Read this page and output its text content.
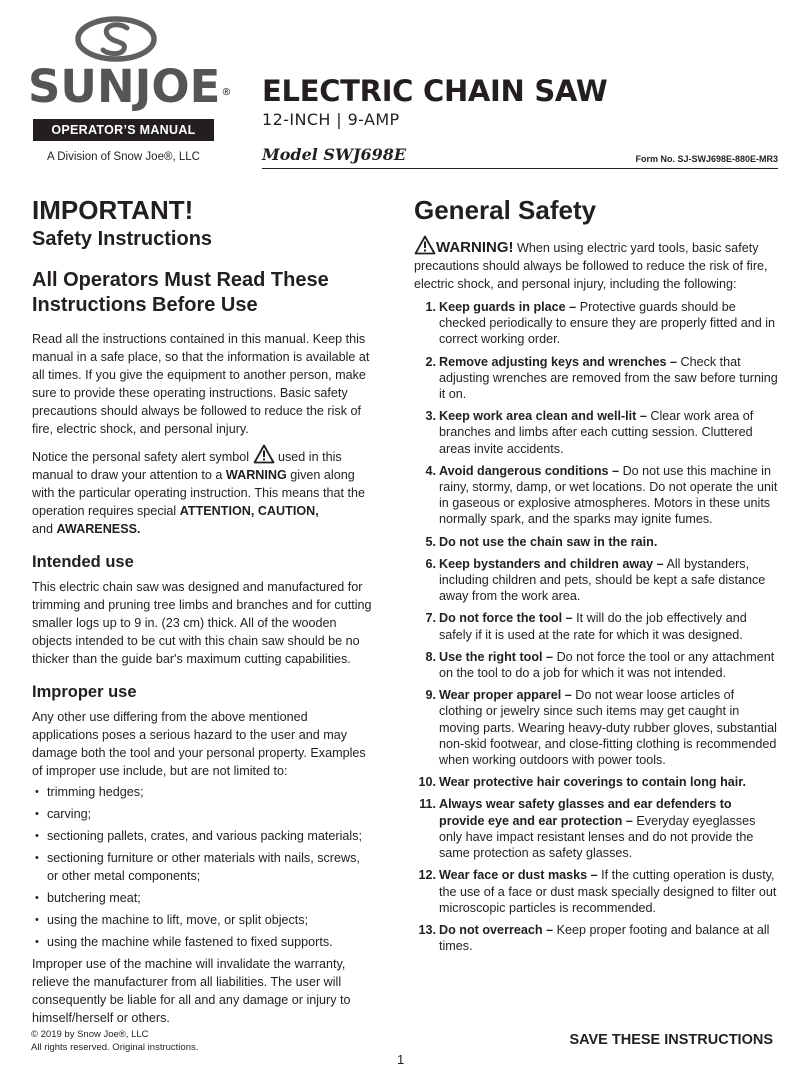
SUNJOE®
OPERATOR’S MANUAL
A Division of Snow Joe®, LLC
ELECTRIC CHAIN SAW
12-INCH | 9-AMP
Model SWJ698E	Form No. SJ-SWJ698E-880E-MR3
IMPORTANT!
Safety Instructions
All Operators Must Read These Instructions Before Use

Read all the instructions contained in this manual. Keep this manual in a safe place, so that the information is available at all times. If you give the equipment to another person, make sure to provide these operating instructions. Basic safety precautions should always be followed to reduce the risk of fire, electric shock, and personal injury.

Notice the personal safety alert symbol used in this manual to draw your attention to a WARNING given along with the particular operating instruction. This means that the operation requires special ATTENTION, CAUTION,
and AWARENESS.

Intended use

This electric chain saw was designed and manufactured for trimming and pruning tree limbs and branches and for cutting smaller logs up to 9 in. (23 cm) thick. All of the wooden objects intended to be cut with this chain saw should be no thicker than the guide bar's maximum cutting capabilities.

Improper use

Any other use differing from the above mentioned applications poses a serious hazard to the user and may damage both the tool and your personal property. Examples of improper use include, but are not limited to:

• trimming hedges;
• carving;
• sectioning pallets, crates, and various packing materials;
• sectioning furniture or other materials with nails, screws, or other metal components;
• butchering meat;
• using the machine to lift, move, or split objects;
• using the machine while fastened to fixed supports.

Improper use of the machine will invalidate the warranty, relieve the manufacturer from all liabilities. The user will consequently be liable for all and any damage or injury to himself/herself or others.

General Safety

WARNING! When using electric yard tools, basic safety precautions should always be followed to reduce the risk of fire, electric shock, and personal injury, including the following:

1. Keep guards in place – Protective guards should be checked periodically to ensure they are properly fitted and in correct working order.
2. Remove adjusting keys and wrenches – Check that adjusting wrenches are removed from the saw before turning it on.
3. Keep work area clean and well-lit – Clear work area of branches and limbs after each cutting session. Cluttered areas invite accidents.
4. Avoid dangerous conditions – Do not use this machine in rainy, stormy, damp, or wet locations. Do not operate the unit in gaseous or explosive atmospheres. Motors in these units normally spark, and the sparks may ignite fumes.
5. Do not use the chain saw in the rain.
6. Keep bystanders and children away – All bystanders, including children and pets, should be kept a safe distance away from the work area.
7. Do not force the tool – It will do the job effectively and safely if it is used at the rate for which it was designed.
8. Use the right tool – Do not force the tool or any attachment on the tool to do a job for which it was not intended.
9. Wear proper apparel – Do not wear loose articles of clothing or jewelry since such items may get caught in moving parts. Wearing heavy-duty rubber gloves, substantial non-skid footwear, and close-fitting clothing is recommended when working outdoors with power tools.
10. Wear protective hair coverings to contain long hair.
11. Always wear safety glasses and ear defenders to provide eye and ear protection – Everyday eyeglasses only have impact resistant lenses and do not provide the same protection as safety glasses.
12. Wear face or dust masks – If the cutting operation is dusty, the use of a face or dust mask specially designed to filter out microscopic particles is recommended.
13. Do not overreach – Keep proper footing and balance at all times.
© 2019 by Snow Joe®, LLC
All rights reserved. Original instructions.	SAVE THESE INSTRUCTIONS
1
